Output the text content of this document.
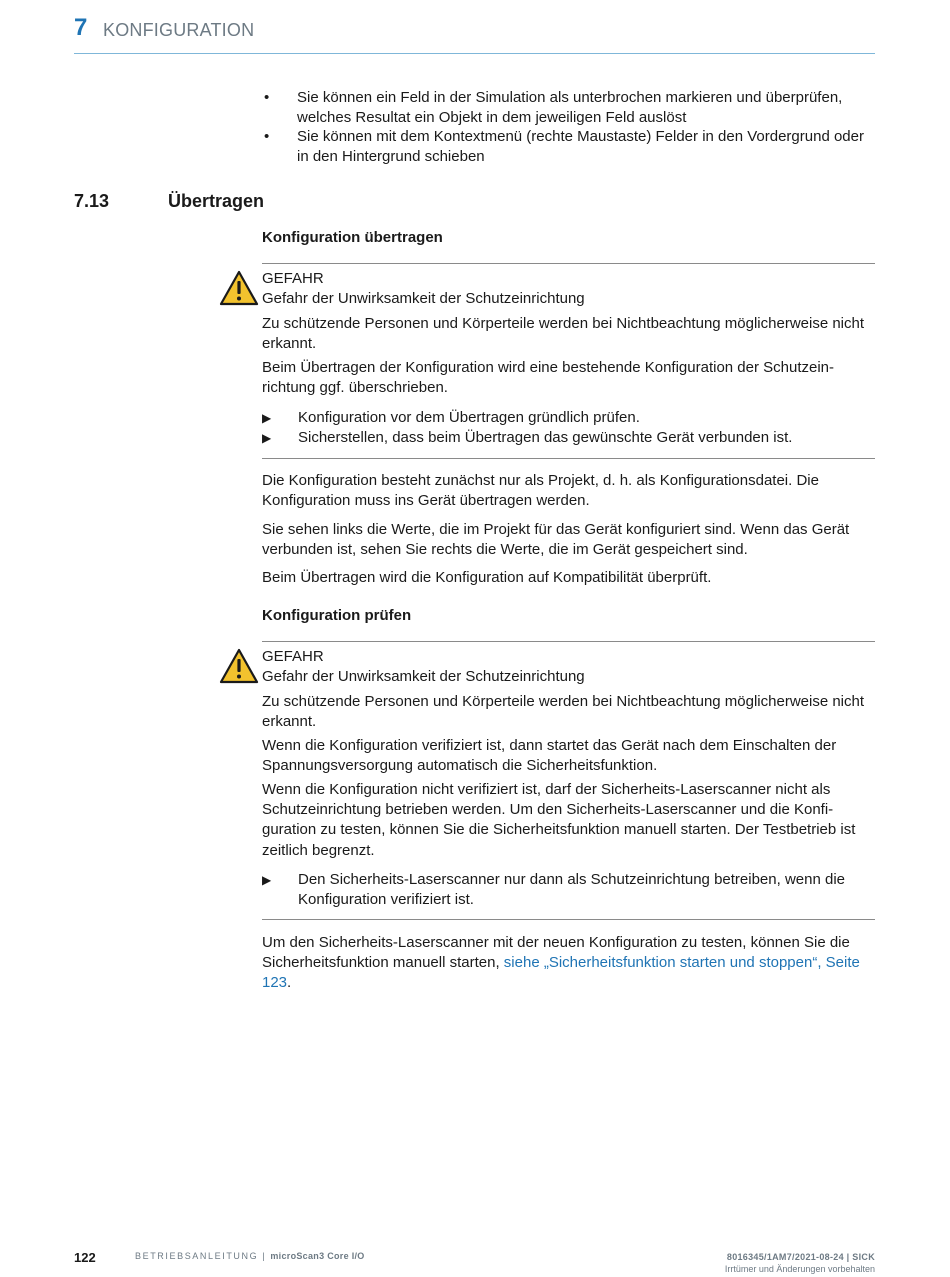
7 KONFIGURATION
• Sie können ein Feld in der Simulation als unterbrochen markieren und überprüfen, welches Resultat ein Objekt in dem jeweiligen Feld auslöst
• Sie können mit dem Kontextmenü (rechte Maustaste) Felder in den Vordergrund oder in den Hintergrund schieben
7.13	Übertragen
Konfiguration übertragen
GEFAHR
Gefahr der Unwirksamkeit der Schutzeinrichtung
Zu schützende Personen und Körperteile werden bei Nichtbeachtung möglicherweise nicht erkannt.
Beim Übertragen der Konfiguration wird eine bestehende Konfiguration der Schutzeinrichtung ggf. überschrieben.
▶ Konfiguration vor dem Übertragen gründlich prüfen.
▶ Sicherstellen, dass beim Übertragen das gewünschte Gerät verbunden ist.
Die Konfiguration besteht zunächst nur als Projekt, d. h. als Konfigurationsdatei. Die Konfiguration muss ins Gerät übertragen werden.
Sie sehen links die Werte, die im Projekt für das Gerät konfiguriert sind. Wenn das Gerät verbunden ist, sehen Sie rechts die Werte, die im Gerät gespeichert sind.
Beim Übertragen wird die Konfiguration auf Kompatibilität überprüft.
Konfiguration prüfen
GEFAHR
Gefahr der Unwirksamkeit der Schutzeinrichtung
Zu schützende Personen und Körperteile werden bei Nichtbeachtung möglicherweise nicht erkannt.
Wenn die Konfiguration verifiziert ist, dann startet das Gerät nach dem Einschalten der Spannungsversorgung automatisch die Sicherheitsfunktion.
Wenn die Konfiguration nicht verifiziert ist, darf der Sicherheits-Laserscanner nicht als Schutzeinrichtung betrieben werden. Um den Sicherheits-Laserscanner und die Konfiguration zu testen, können Sie die Sicherheitsfunktion manuell starten. Der Testbetrieb ist zeitlich begrenzt.
▶ Den Sicherheits-Laserscanner nur dann als Schutzeinrichtung betreiben, wenn die Konfiguration verifiziert ist.
Um den Sicherheits-Laserscanner mit der neuen Konfiguration zu testen, können Sie die Sicherheitsfunktion manuell starten, siehe „Sicherheitsfunktion starten und stoppen“, Seite 123.
122	BETRIEBSANLEITUNG | microScan3 Core I/O	8016345/1AM7/2021-08-24 | SICK
Irrtümer und Änderungen vorbehalten
